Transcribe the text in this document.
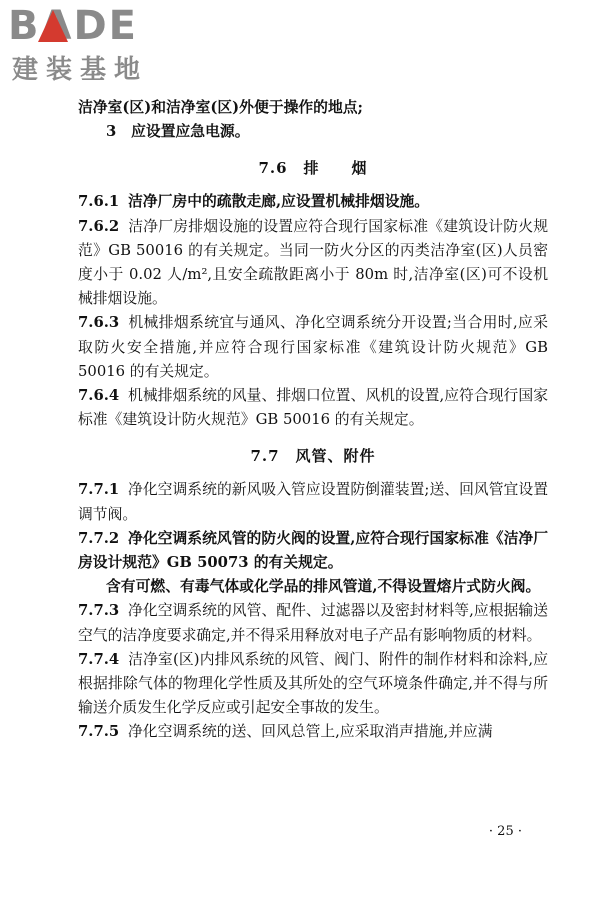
BADE
建装基地

洁净室(区)和洁净室(区)外便于操作的地点;

3　 应设置应急电源。

7.6　排　　烟

7.6.1 洁净厂房中的疏散走廊,应设置机械排烟设施。

7.6.2 洁净厂房排烟设施的设置应符合现行国家标准《建筑设计防火规范》GB 50016 的有关规定。当同一防火分区的丙类洁净室(区)人员密度小于 0.02 人/m²,且安全疏散距离小于 80m 时,洁净室(区)可不设机械排烟设施。

7.6.3 机械排烟系统宜与通风、净化空调系统分开设置;当合用时,应采取防火安全措施,并应符合现行国家标准《建筑设计防火规范》GB 50016 的有关规定。

7.6.4 机械排烟系统的风量、排烟口位置、风机的设置,应符合现行国家标准《建筑设计防火规范》GB 50016 的有关规定。

7.7　风管、附件

7.7.1 净化空调系统的新风吸入管应设置防倒灌装置;送、回风管宜设置调节阀。

7.7.2 净化空调系统风管的防火阀的设置,应符合现行国家标准《洁净厂房设计规范》GB 50073 的有关规定。

含有可燃、有毒气体或化学品的排风管道,不得设置熔片式防火阀。

7.7.3 净化空调系统的风管、配件、过滤器以及密封材料等,应根据输送空气的洁净度要求确定,并不得采用释放对电子产品有影响物质的材料。

7.7.4 洁净室(区)内排风系统的风管、阀门、附件的制作材料和涂料,应根据排除气体的物理化学性质及其所处的空气环境条件确定,并不得与所输送介质发生化学反应或引起安全事故的发生。

7.7.5 净化空调系统的送、回风总管上,应采取消声措施,并应满

· 25 ·
